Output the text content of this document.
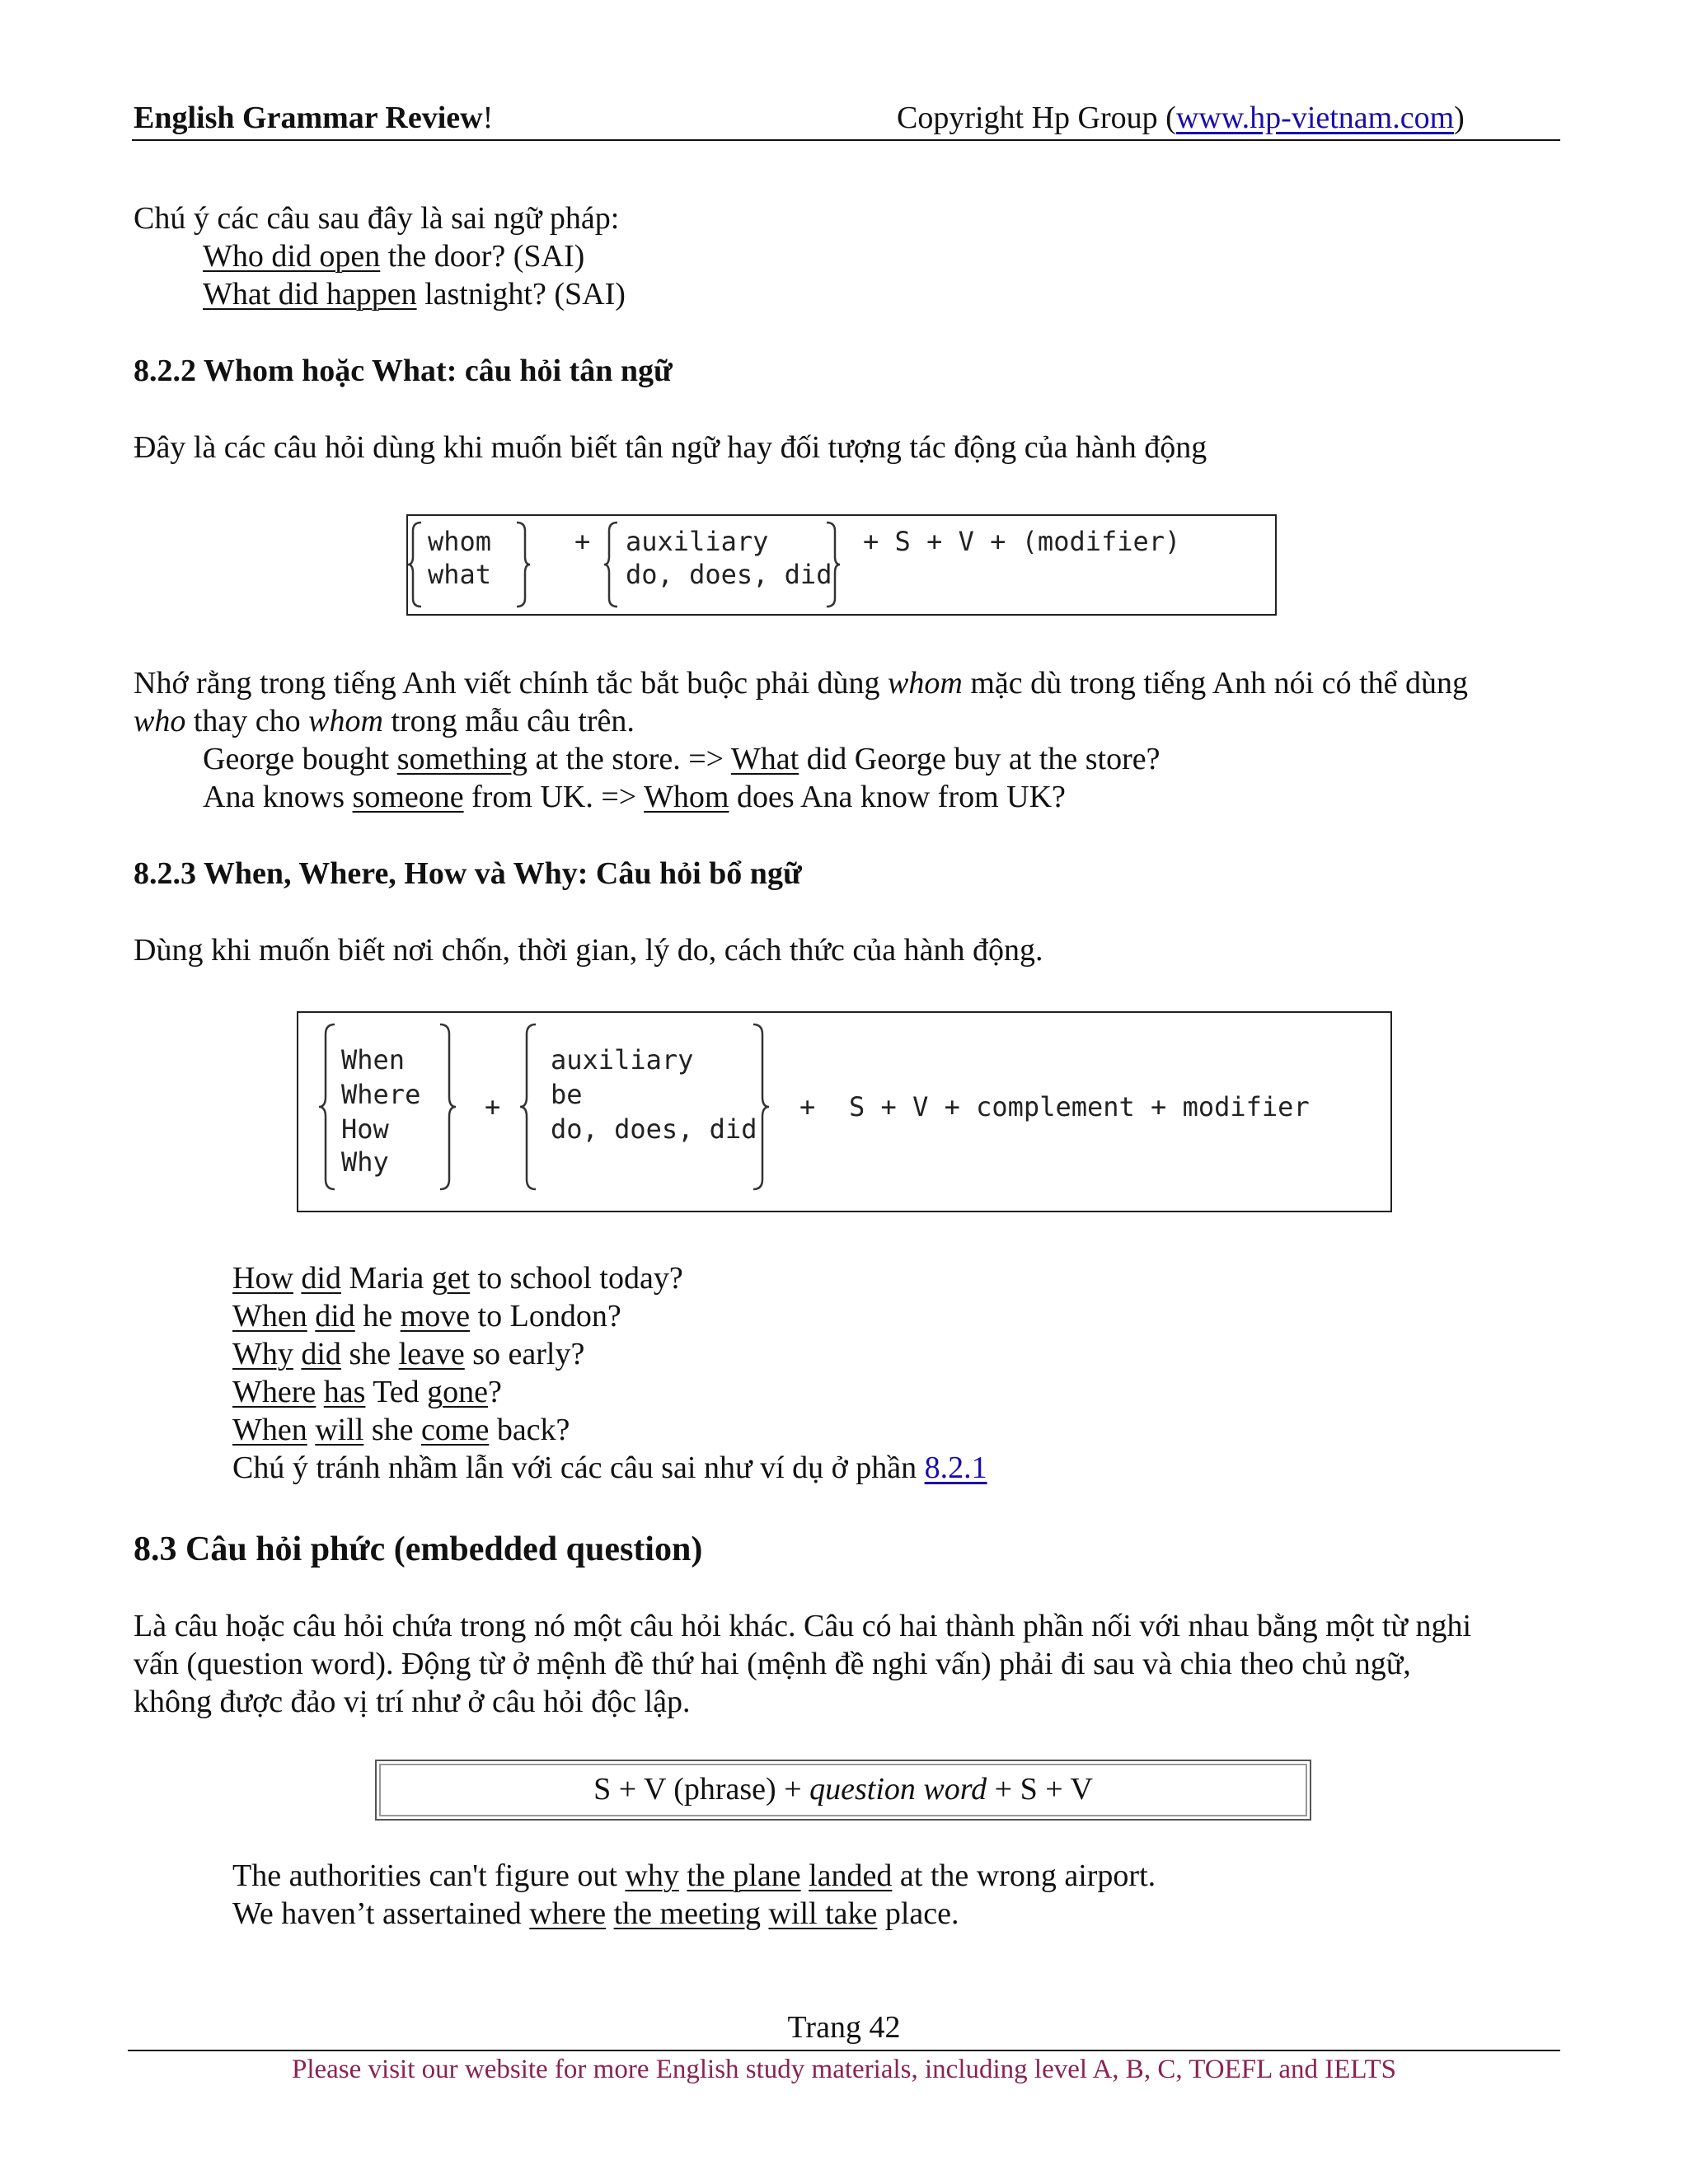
English Grammar Review!	Copyright Hp Group (www.hp-vietnam.com)
Chú ý các câu sau đây là sai ngữ pháp:
Who did open the door? (SAI)
What did happen lastnight? (SAI)
8.2.2 Whom hoặc What: câu hỏi tân ngữ
Đây là các câu hỏi dùng khi muốn biết tân ngữ hay đối tượng tác động của hành động
whom
what
+ auxiliary
do, does, did
+ S + V + (modifier)
Nhớ rằng trong tiếng Anh viết chính tắc bắt buộc phải dùng whom mặc dù trong tiếng Anh nói có thể dùng
who thay cho whom trong mẫu câu trên.
George bought something at the store. => What did George buy at the store?
Ana knows someone from UK. => Whom does Ana know from UK?
8.2.3 When, Where, How và Why: Câu hỏi bổ ngữ
Dùng khi muốn biết nơi chốn, thời gian, lý do, cách thức của hành động.
When
Where
How
Why
+
auxiliary
be
do, does, did
+ S + V + complement + modifier
How did Maria get to school today?
When did he move to London?
Why did she leave so early?
Where has Ted gone?
When will she come back?
Chú ý tránh nhầm lẫn với các câu sai như ví dụ ở phần 8.2.1
8.3 Câu hỏi phức (embedded question)
Là câu hoặc câu hỏi chứa trong nó một câu hỏi khác. Câu có hai thành phần nối với nhau bằng một từ nghi
vấn (question word). Động từ ở mệnh đề thứ hai (mệnh đề nghi vấn) phải đi sau và chia theo chủ ngữ,
không được đảo vị trí như ở câu hỏi độc lập.
S + V (phrase) + question word + S + V
The authorities can't figure out why the plane landed at the wrong airport.
We haven’t assertained where the meeting will take place.
Trang 42
Please visit our website for more English study materials, including level A, B, C, TOEFL and IELTS
